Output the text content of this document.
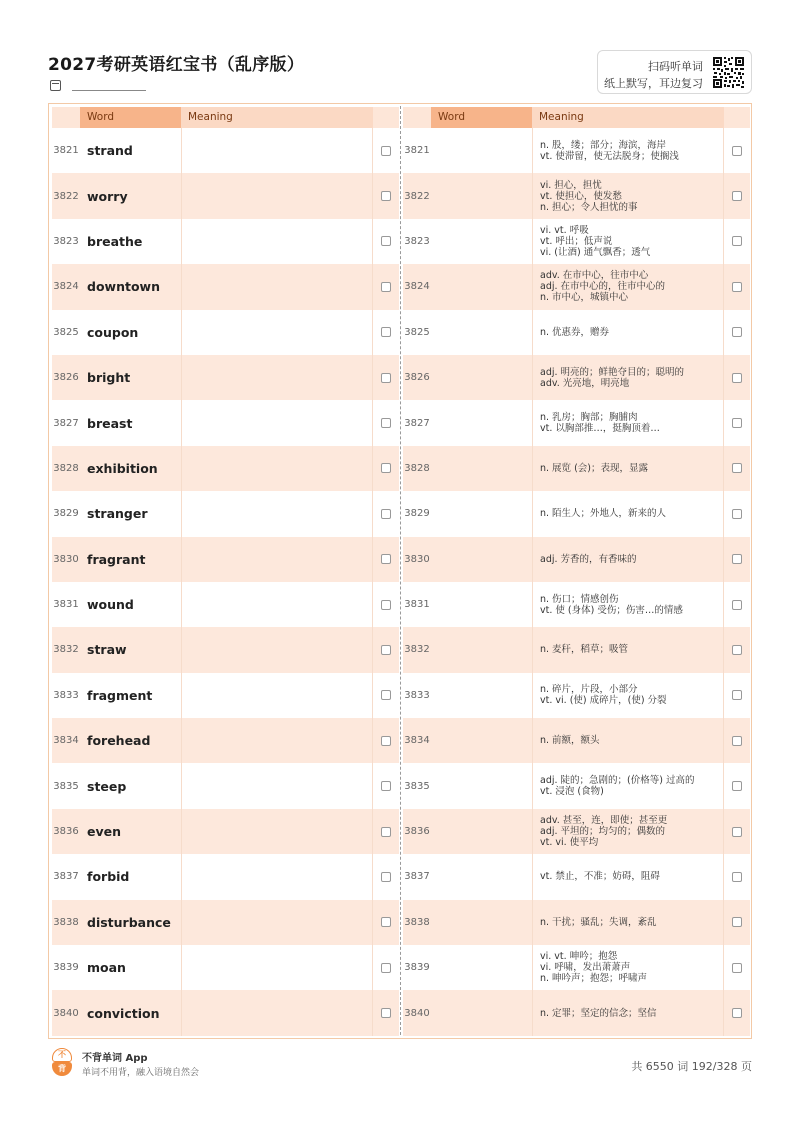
2027考研英语红宝书（乱序版）	扫码听单词
纸上默写，耳边复习
Word	Meaning
3821 strand
3822 worry
3823 breathe
3824 downtown
3825 coupon
3826 bright
3827 breast
3828 exhibition
3829 stranger
3830 fragrant
3831 wound
3832 straw
3833 fragment
3834 forehead
3835 steep
3836 even
3837 forbid
3838 disturbance
3839 moan
3840 conviction
Word	Meaning
3821	n. 股，缕；部分；海滨，海岸
vt. 使滞留，使无法脱身；使搁浅
3822
vi. 担心，担忧
vt. 使担心，使发愁
n. 担心；令人担忧的事
3823
vi. vt. 呼吸
vt. 呼出；低声说
vi. (让酒) 通气飘香；透气
3824
adv. 在市中心，往市中心
adj. 在市中心的，往市中心的
n. 市中心，城镇中心
3825	n. 优惠券，赠券
3826	adj. 明亮的；鲜艳夺目的；聪明的
adv. 光亮地，明亮地
3827	n. 乳房；胸部；胸脯肉
vt. 以胸部推…，挺胸顶着…
3828	n. 展览 (会)；表现，显露
3829	n. 陌生人；外地人，新来的人
3830	adj. 芳香的，有香味的
3831	n. 伤口；情感创伤
vt. 使 (身体) 受伤；伤害…的情感
3832	n. 麦秆，稻草；吸管
3833	n. 碎片，片段，小部分
vt. vi. (使) 成碎片，(使) 分裂
3834	n. 前额，额头
3835	adj. 陡的；急剧的；(价格等) 过高的
vt. 浸泡 (食物)
3836
adv. 甚至，连，即使；甚至更
adj. 平坦的；均匀的；偶数的
vt. vi. 使平均
3837	vt. 禁止，不准；妨碍，阻碍
3838	n. 干扰；骚乱；失调，紊乱
3839
vi. vt. 呻吟；抱怨
vi. 呼啸，发出萧萧声
n. 呻吟声；抱怨；呼啸声
3840	n. 定罪；坚定的信念；坚信
不
背
不背单词 App
单词不用背，融入语境自然会	共 6550 词 192/328 页
